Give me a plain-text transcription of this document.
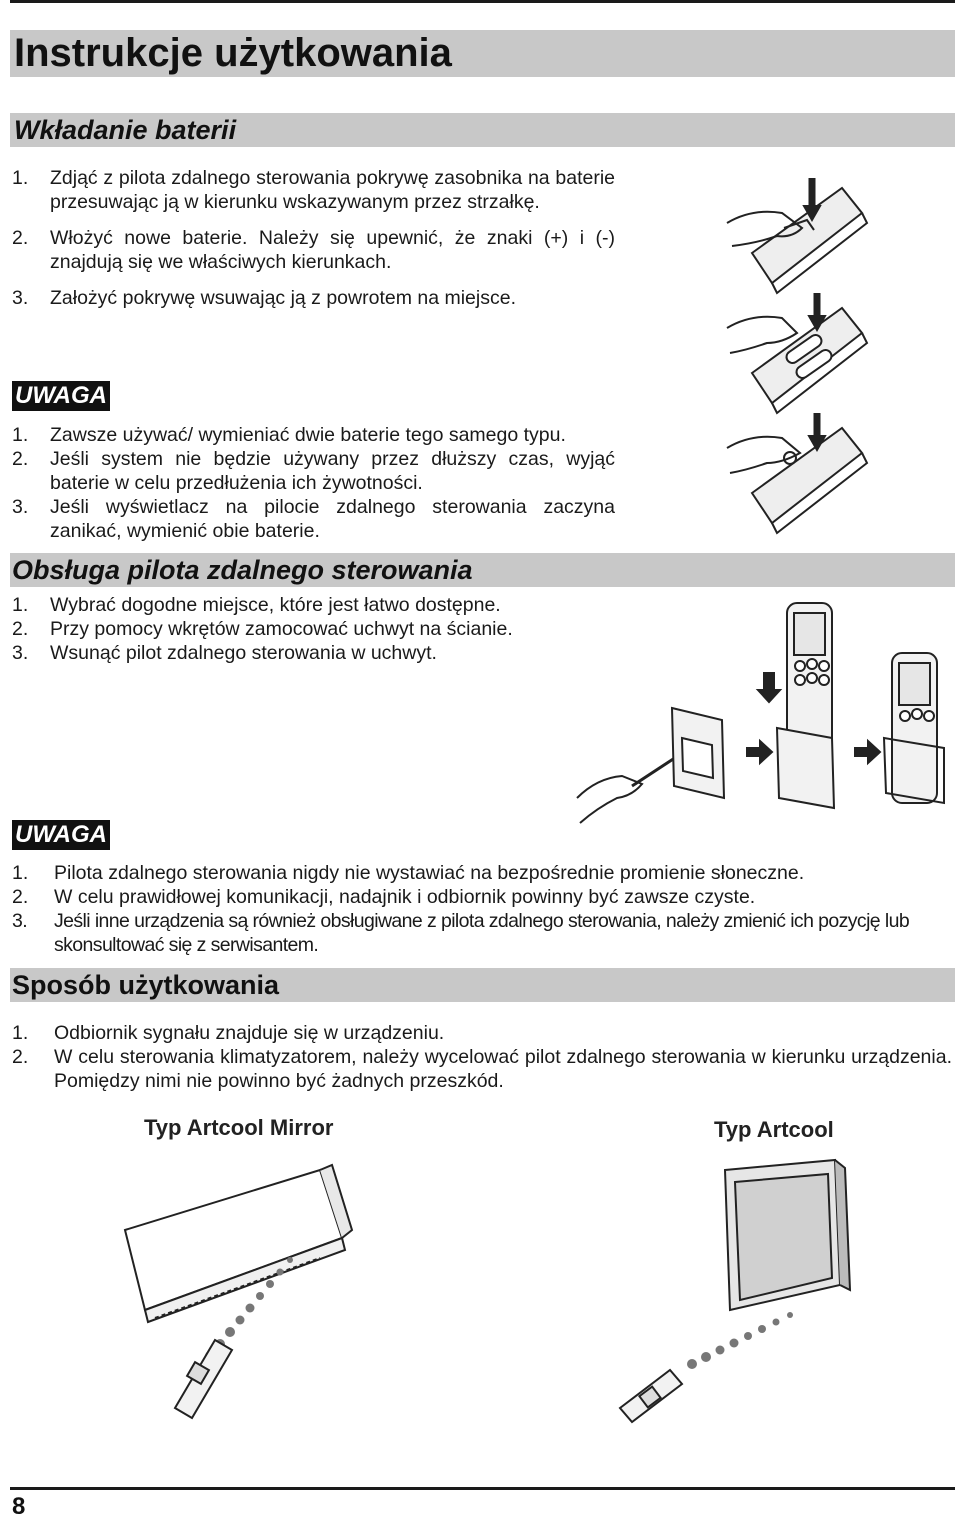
Instrukcje użytkowania
Wkładanie baterii
1. Zdjąć z pilota zdalnego sterowania pokrywę zasobnika na baterie przesuwając ją w kierunku wskazywanym przez strzałkę.
2. Włożyć nowe baterie. Należy się upewnić, że znaki (+) i (-) znajdują się we właściwych kierunkach.
3. Założyć pokrywę wsuwając ją z powrotem na miejsce.
UWAGA
1. Zawsze używać/ wymieniać dwie baterie tego samego typu.
2. Jeśli system nie będzie używany przez dłuższy czas, wyjąć baterie w celu przedłużenia ich żywotności.
3. Jeśli wyświetlacz na pilocie zdalnego sterowania zaczyna zanikać, wymienić obie baterie.
Obsługa pilota zdalnego sterowania
1. Wybrać dogodne miejsce, które jest łatwo dostępne.
2. Przy pomocy wkrętów zamocować uchwyt na ścianie.
3. Wsunąć pilot zdalnego sterowania w uchwyt.
UWAGA
1. Pilota zdalnego sterowania nigdy nie wystawiać na bezpośrednie promienie słoneczne.
2. W celu prawidłowej komunikacji, nadajnik i odbiornik powinny być zawsze czyste.
3. Jeśli inne urządzenia są również obsługiwane z pilota zdalnego sterowania, należy zmienić ich pozycję lub skonsultować się z serwisantem.
Sposób użytkowania
1. Odbiornik sygnału znajduje się w urządzeniu.
2. W celu sterowania klimatyzatorem, należy wycelować pilot zdalnego sterowania w kierunku urządzenia. Pomiędzy nimi nie powinno być żadnych przeszkód.
Typ Artcool Mirror	Typ Artcool
8
